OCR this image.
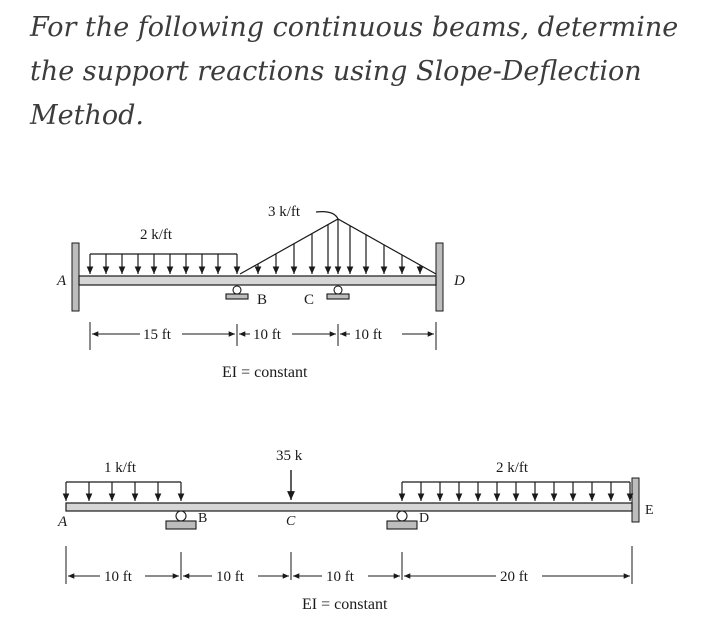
For the following continuous beams, determine
the support reactions using Slope-Deflection
Method.

2 k/ft
3 k/ft
A
B C
D
15 ft	10 ft	10 ft
EI = constant
1 k/ft
35 k
2 k/ft
A	B	C	D
E
10 ft	10 ft	10 ft	20 ft
EI = constant
